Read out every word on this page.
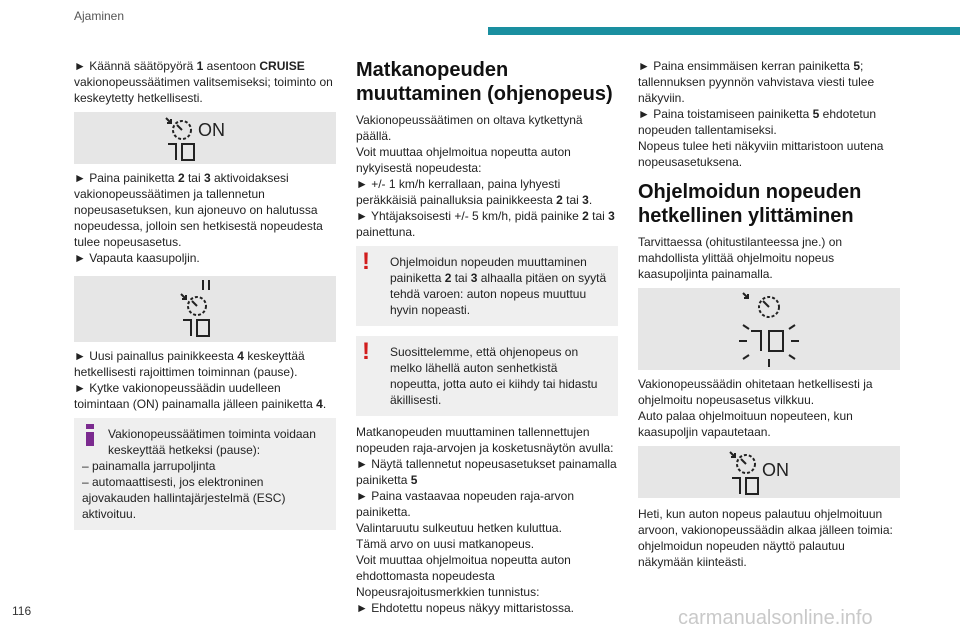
Ajaminen

► Käännä säätöpyörä 1 asentoon CRUISE vakionopeussäätimen valitsemiseksi; toiminto on keskeytetty hetkellisesti.

ON

► Paina painiketta 2 tai 3 aktivoidaksesi vakionopeussäätimen ja tallennetun nopeusasetuksen, kun ajoneuvo on halutussa nopeudessa, jolloin sen hetkisestä nopeudesta tulee nopeusasetus.

► Vapauta kaasupoljin.

► Uusi painallus painikkeesta 4 keskeyttää hetkellisesti rajoittimen toiminnan (pause).

► Kytke vakionopeussäädin uudelleen toimintaan (ON) painamalla jälleen painiketta 4.

Vakionopeussäätimen toiminta voidaan keskeyttää hetkeksi (pause):

– painamalla jarrupoljinta

– automaattisesti, jos elektroninen ajovakauden hallintajärjestelmä (ESC) aktivoituu.

Matkanopeuden muuttaminen (ohjenopeus)

Vakionopeussäätimen on oltava kytkettynä päällä.

Voit muuttaa ohjelmoitua nopeutta auton nykyisestä nopeudesta:

► +/- 1 km/h kerrallaan, paina lyhyesti peräkkäisiä painalluksia painikkeesta 2 tai 3.

► Yhtäjaksoisesti +/- 5 km/h, pidä painike 2 tai 3 painettuna.

!	Ohjelmoidun nopeuden muuttaminen painiketta 2 tai 3 alhaalla pitäen on syytä tehdä varoen: auton nopeus muuttuu hyvin nopeasti.

!	Suosittelemme, että ohjenopeus on melko lähellä auton senhetkistä nopeutta, jotta auto ei kiihdy tai hidastu äkillisesti.

Matkanopeuden muuttaminen tallennettujen nopeuden raja-arvojen ja kosketusnäytön avulla:

► Näytä tallennetut nopeusasetukset painamalla painiketta 5

► Paina vastaavaa nopeuden raja-arvon painiketta.

Valintaruutu sulkeutuu hetken kuluttua.

Tämä arvo on uusi matkanopeus.

Voit muuttaa ohjelmoitua nopeutta auton ehdottomasta nopeudesta Nopeusrajoitusmerkkien tunnistus:

► Ehdotettu nopeus näkyy mittaristossa.

► Paina ensimmäisen kerran painiketta 5; tallennuksen pyynnön vahvistava viesti tulee näkyviin.

► Paina toistamiseen painiketta 5 ehdotetun nopeuden tallentamiseksi.

Nopeus tulee heti näkyviin mittaristoon uutena nopeusasetuksena.

Ohjelmoidun nopeuden hetkellinen ylittäminen

Tarvittaessa (ohitustilanteessa jne.) on mahdollista ylittää ohjelmoitu nopeus kaasupoljinta painamalla.

Vakionopeussäädin ohitetaan hetkellisesti ja ohjelmoitu nopeusasetus vilkkuu.

Auto palaa ohjelmoituun nopeuteen, kun kaasupoljin vapautetaan.

ON

Heti, kun auton nopeus palautuu ohjelmoituun arvoon, vakionopeussäädin alkaa jälleen toimia: ohjelmoidun nopeuden näyttö palautuu näkymään kiinteästi.

116	carmanualsonline.info
